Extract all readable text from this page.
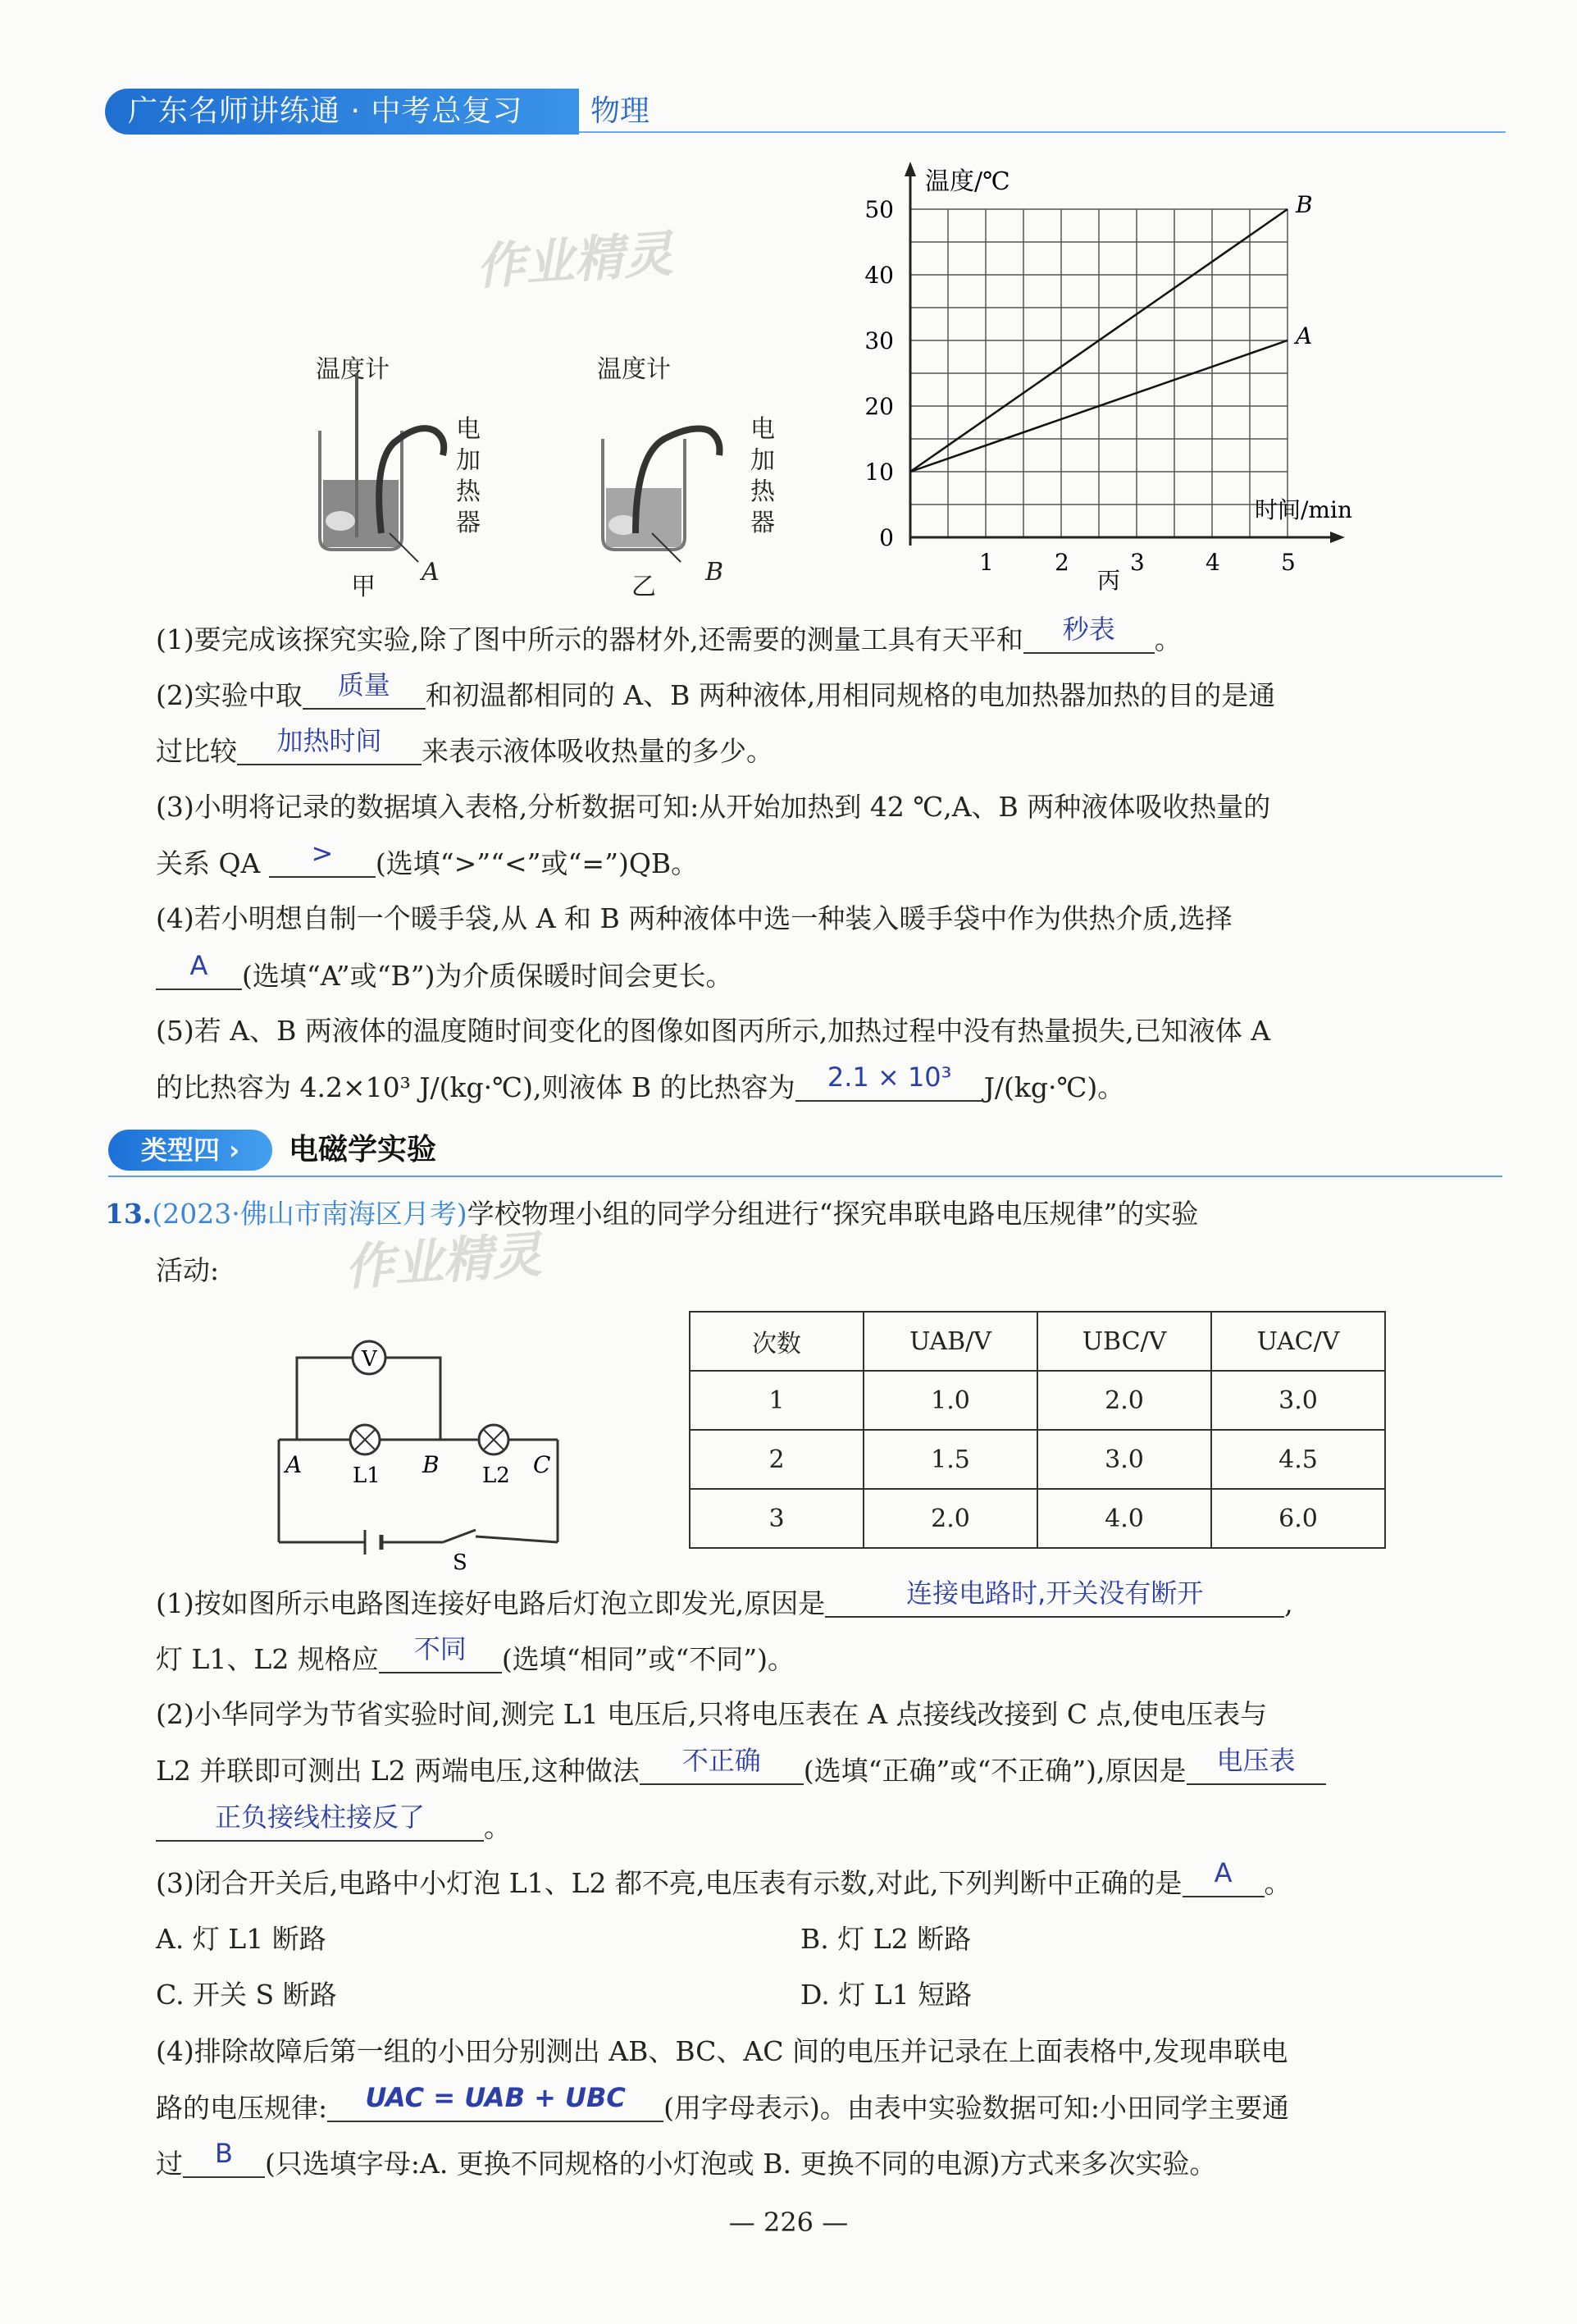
广东名师讲练通 · 中考总复习	物理
作业精灵
作业精灵
温度计	温度计
电加热器
电加热器
甲
A
乙
B
B
A
1	2	3	4	5
0
10
20
30
40
50
温度/℃
时间/min
丙
(1)要完成该探究实验,除了图中所示的器材外,还需要的测量工具有天平和	秒表	。
(2)实验中取	质量	和初温都相同的 A、B 两种液体,用相同规格的电加热器加热的目的是通
过比较	加热时间	来表示液体吸收热量的多少。
(3)小明将记录的数据填入表格,分析数据可知:从开始加热到 42 ℃,A、B 两种液体吸收热量的
关系 QA	>	(选填“>”“<”或“=”)QB。
(4)若小明想自制一个暖手袋,从 A 和 B 两种液体中选一种装入暖手袋中作为供热介质,选择
A	(选填“A”或“B”)为介质保暖时间会更长。
(5)若 A、B 两液体的温度随时间变化的图像如图丙所示,加热过程中没有热量损失,已知液体 A
的比热容为 4.2×10³ J/(kg·℃),则液体 B 的比热容为	2.1 × 10³	J/(kg·℃)。
类型四 ›	电磁学实验
13.(2023·佛山市南海区月考)学校物理小组的同学分组进行“探究串联电路电压规律”的实验
活动:
V
A	B	C
L1	L2
S
次数	UAB/V	UBC/V	UAC/V
1	1.0	2.0	3.0
2	1.5	3.0	4.5
3	2.0	4.0	6.0
(1)按如图所示电路图连接好电路后灯泡立即发光,原因是	连接电路时,开关没有断开	,
灯 L1、L2 规格应	不同	(选填“相同”或“不同”)。
(2)小华同学为节省实验时间,测完 L1 电压后,只将电压表在 A 点接线改接到 C 点,使电压表与
L2 并联即可测出 L2 两端电压,这种做法	不正确	(选填“正确”或“不正确”),原因是	电压表
正负接线柱接反了	。
(3)闭合开关后,电路中小灯泡 L1、L2 都不亮,电压表有示数,对此,下列判断中正确的是	A	。
A. 灯 L1 断路	B. 灯 L2 断路
C. 开关 S 断路	D. 灯 L1 短路
(4)排除故障后第一组的小田分别测出 AB、BC、AC 间的电压并记录在上面表格中,发现串联电
路的电压规律:	UAC = UAB + UBC	(用字母表示)。由表中实验数据可知:小田同学主要通
过	B	(只选填字母:A. 更换不同规格的小灯泡或 B. 更换不同的电源)方式来多次实验。
— 226 —
